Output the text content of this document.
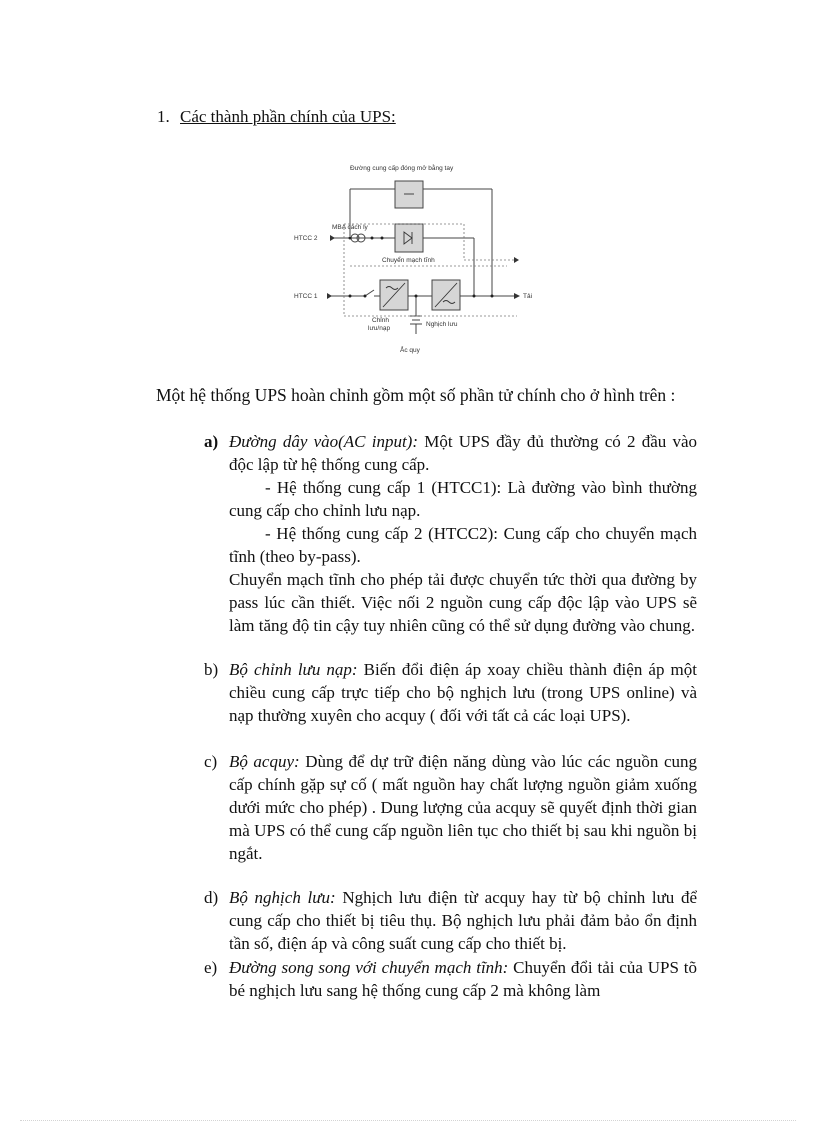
1. Các thành phần chính của UPS:
Đường cung cấp đóng mở bằng tay
HTCC 2
MBA cách ly
Chuyển mạch tĩnh
HTCC 1	Tải
Chỉnh
lưu/nạp
Nghịch lưu
Ắc quy
Một hệ thống UPS hoàn chỉnh gồm một số phần tử chính cho ở hình trên :
a) Đường dây vào(AC input): Một UPS đầy đủ thường có 2 đầu vào độc lập từ hệ thống cung cấp.

- Hệ thống cung cấp 1 (HTCC1): Là đường vào bình thường cung cấp cho chỉnh lưu nạp.

- Hệ thống cung cấp 2 (HTCC2): Cung cấp cho chuyển mạch tĩnh (theo by-pass).

Chuyển mạch tĩnh cho phép tải được chuyển tức thời qua đường by pass lúc cần thiết. Việc nối 2 nguồn cung cấp độc lập vào UPS sẽ làm tăng độ tin cậy tuy nhiên cũng có thể sử dụng đường vào chung.

b) Bộ chỉnh lưu nạp: Biến đổi điện áp xoay chiều thành điện áp một chiều cung cấp trực tiếp cho bộ nghịch lưu (trong UPS online) và nạp thường xuyên cho acquy ( đối với tất cả các loại UPS).

c) Bộ acquy: Dùng để dự trữ điện năng dùng vào lúc các nguồn cung cấp chính gặp sự cố ( mất nguồn hay chất lượng nguồn giảm xuống dưới mức cho phép) . Dung lượng của acquy sẽ quyết định thời gian mà UPS có thể cung cấp nguồn liên tục cho thiết bị sau khi nguồn bị ngắt.

d) Bộ nghịch lưu: Nghịch lưu điện từ acquy hay từ bộ chỉnh lưu để cung cấp cho thiết bị tiêu thụ. Bộ nghịch lưu phải đảm bảo ổn định tần số, điện áp và công suất cung cấp cho thiết bị.

e) Đường song song với chuyển mạch tĩnh: Chuyển đổi tải của UPS tõ bé nghịch lưu sang hệ thống cung cấp 2 mà không làm
